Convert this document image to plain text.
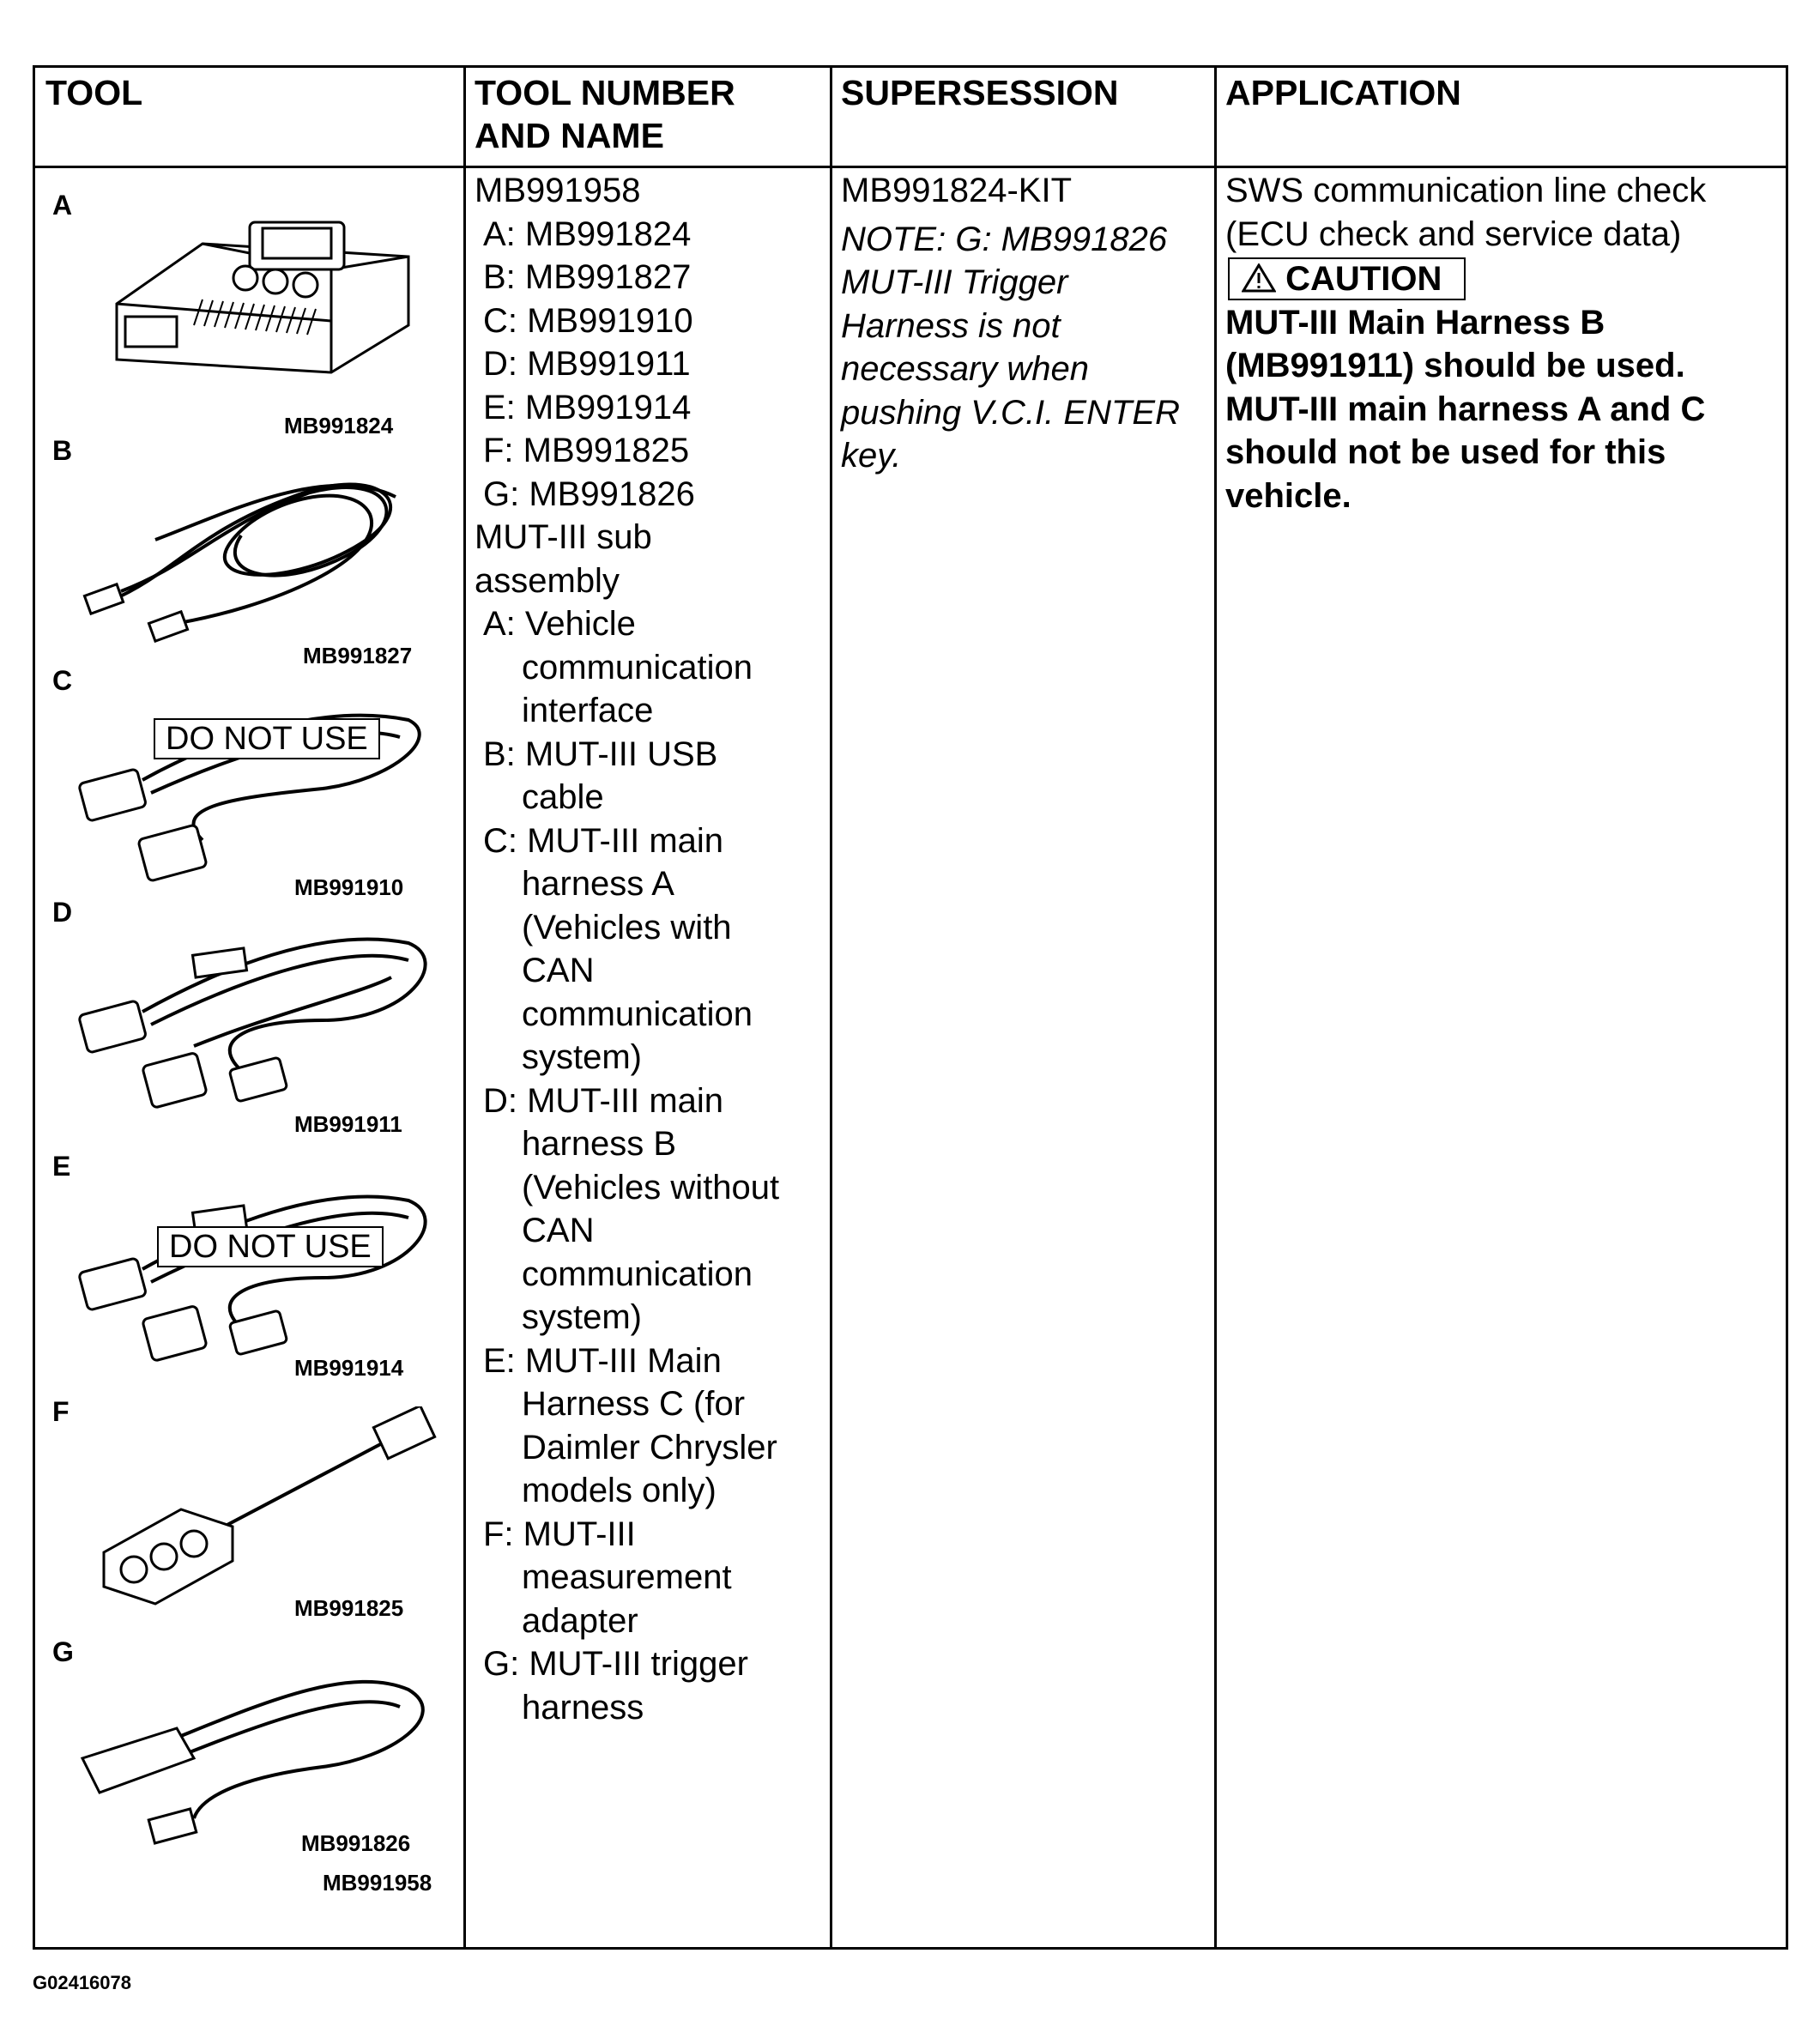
TOOL	TOOL NUMBER
AND NAME
SUPERSESSION	APPLICATION
A
MB991824
B
MB991827
C
DO NOT USE
MB991910
D
MB991911
E
DO NOT USE
MB991914
F
MB991825
G
MB991826
MB991958
MB991958
A: MB991824
B: MB991827
C: MB991910
D: MB991911
E: MB991914
F: MB991825
G: MB991826
MUT-III sub
assembly
A: Vehicle
communication
interface
B: MUT-III USB
cable
C: MUT-III main
harness A
(Vehicles with
CAN
communication
system)
D: MUT-III main
harness B
(Vehicles without
CAN
communication
system)
E: MUT-III Main
Harness C (for
Daimler Chrysler
models only)
F: MUT-III
measurement
adapter
G: MUT-III trigger
harness
MB991824-KIT
NOTE: G: MB991826
MUT-III Trigger
Harness is not
necessary when
pushing V.C.I. ENTER
key.
SWS communication line check
(ECU check and service data)
CAUTION
MUT-III Main Harness B
(MB991911) should be used.
MUT-III main harness A and C
should not be used for this
vehicle.
G02416078
